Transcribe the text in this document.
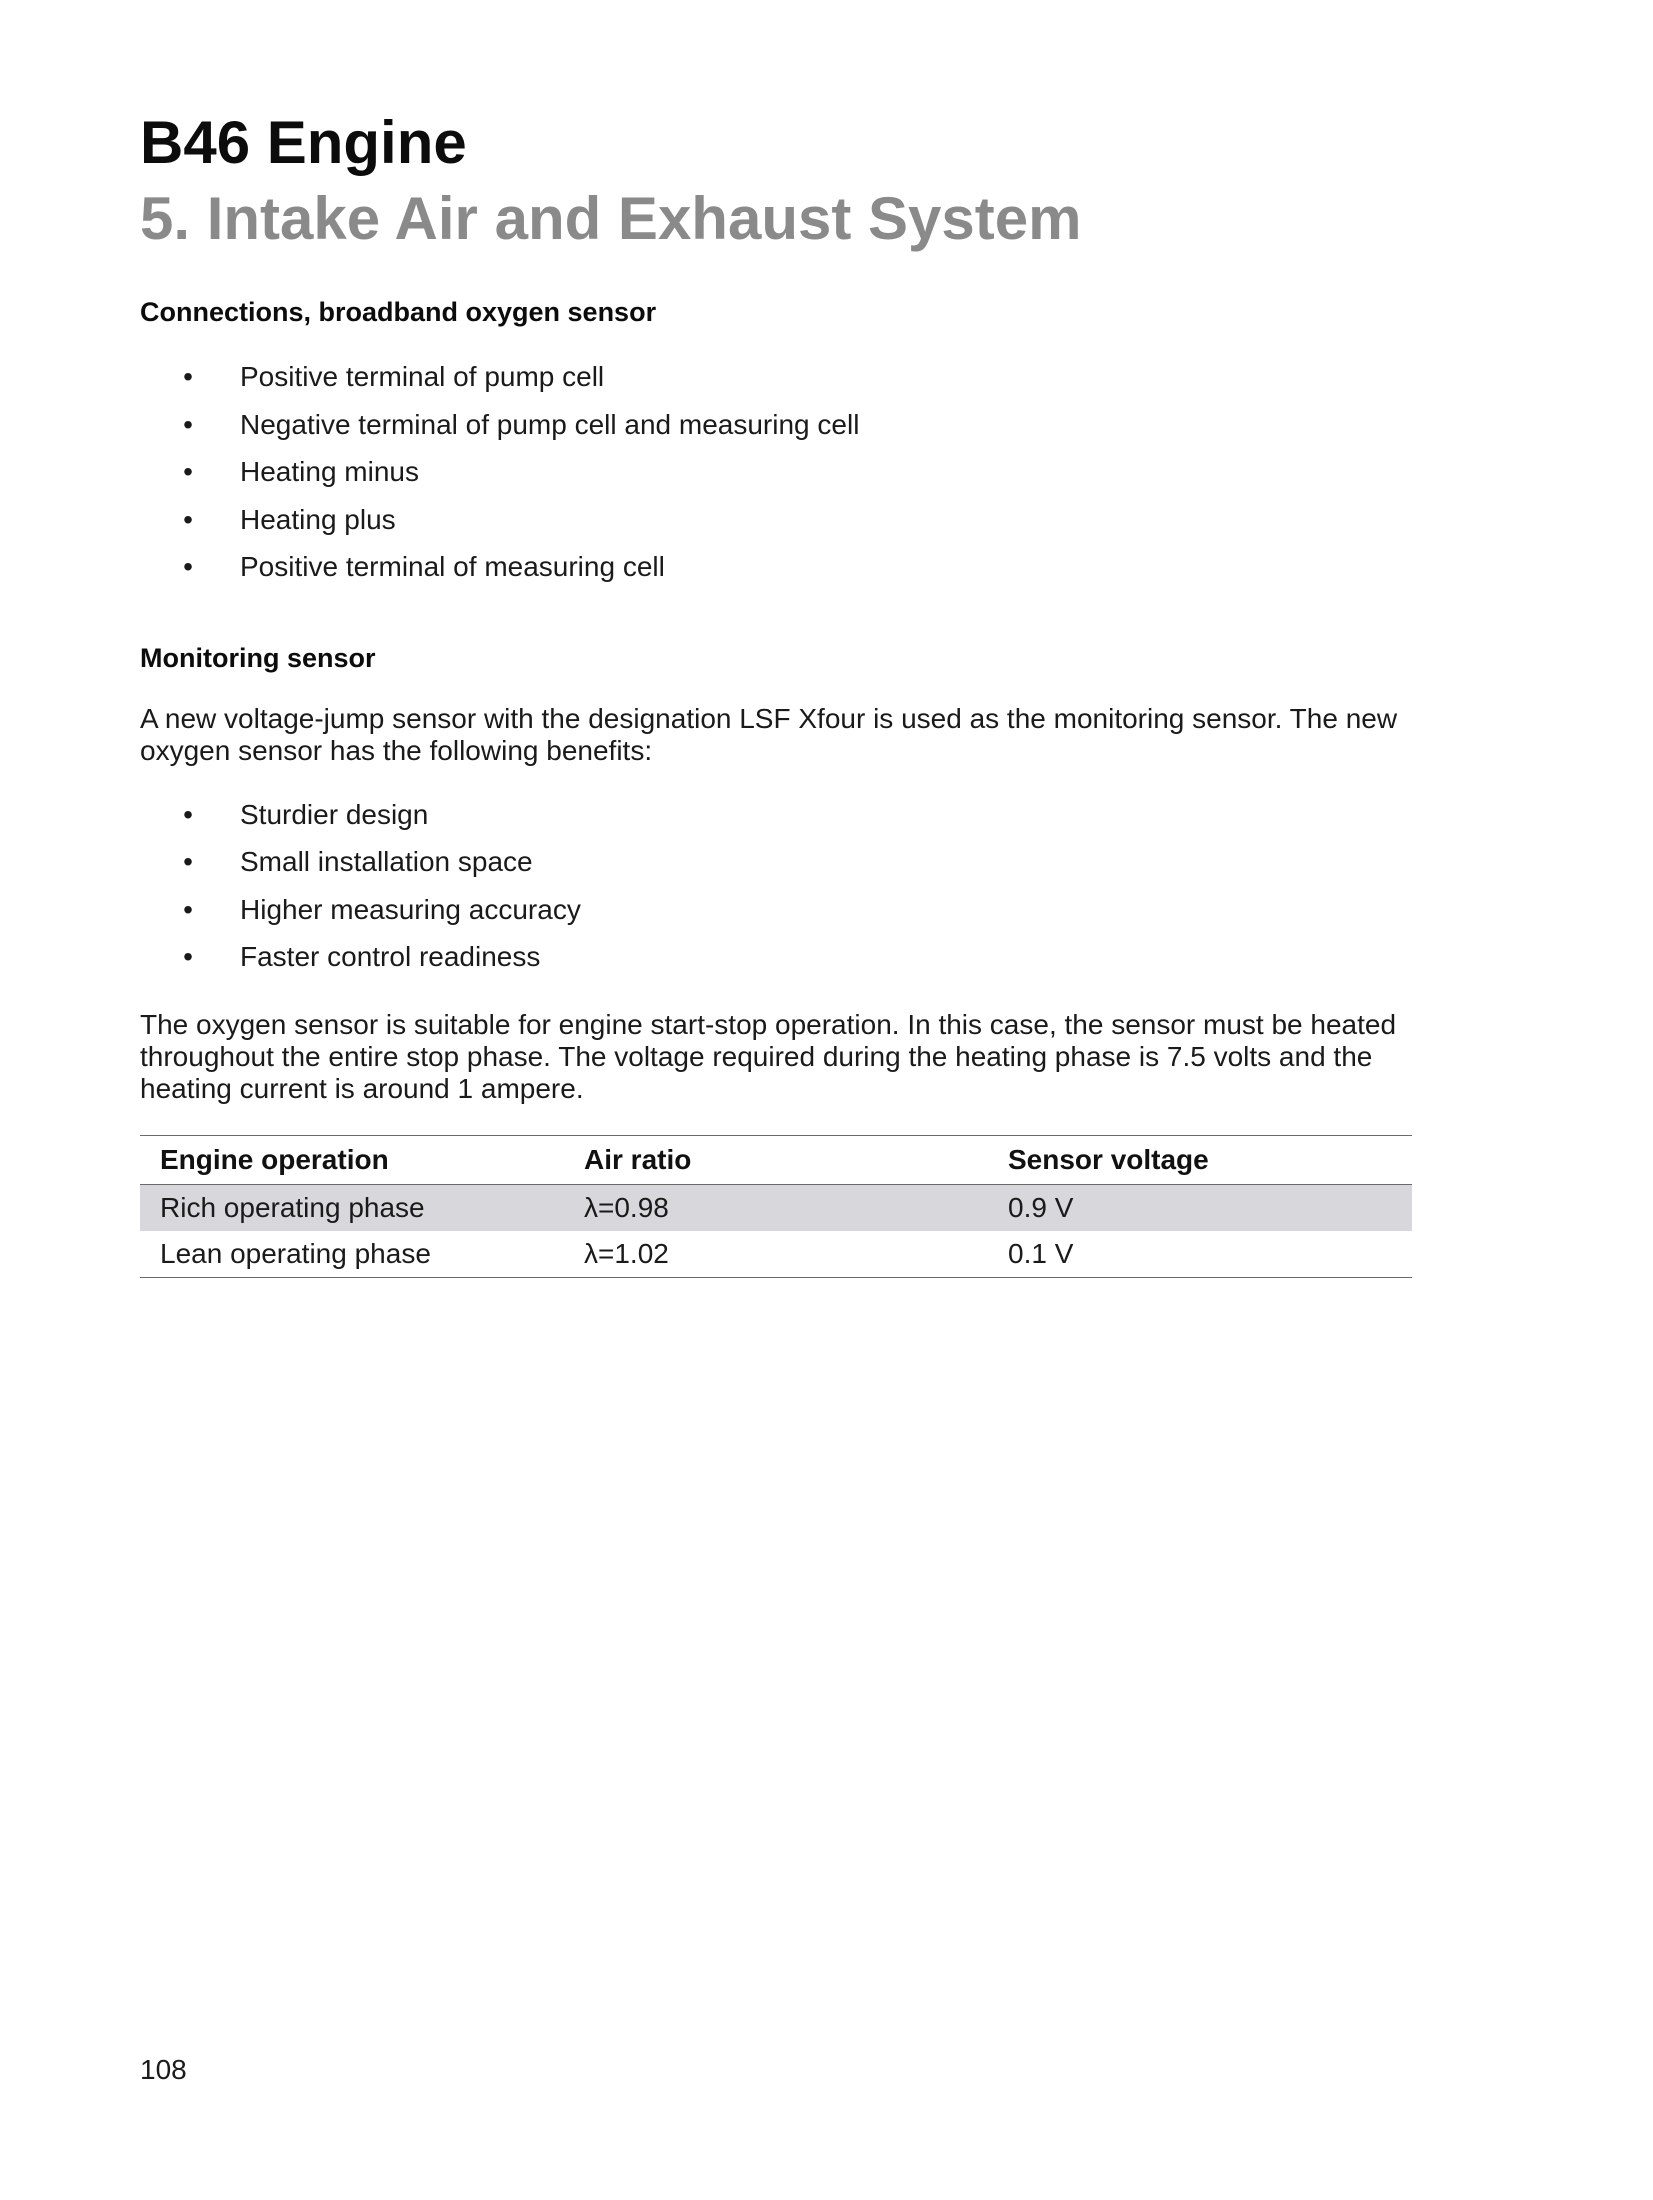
B46 Engine
5. Intake Air and Exhaust System
Connections, broadband oxygen sensor
• Positive terminal of pump cell
• Negative terminal of pump cell and measuring cell
• Heating minus
• Heating plus
• Positive terminal of measuring cell
Monitoring sensor

A new voltage-jump sensor with the designation LSF Xfour is used as the monitoring sensor. The new oxygen sensor has the following benefits:

• Sturdier design
• Small installation space
• Higher measuring accuracy
• Faster control readiness

The oxygen sensor is suitable for engine start-stop operation. In this case, the sensor must be heated throughout the entire stop phase. The voltage required during the heating phase is 7.5 volts and the heating current is around 1 ampere.

Engine operation	Air ratio	Sensor voltage
Rich operating phase	λ=0.98	0.9 V
Lean operating phase	λ=1.02	0.1 V
108
